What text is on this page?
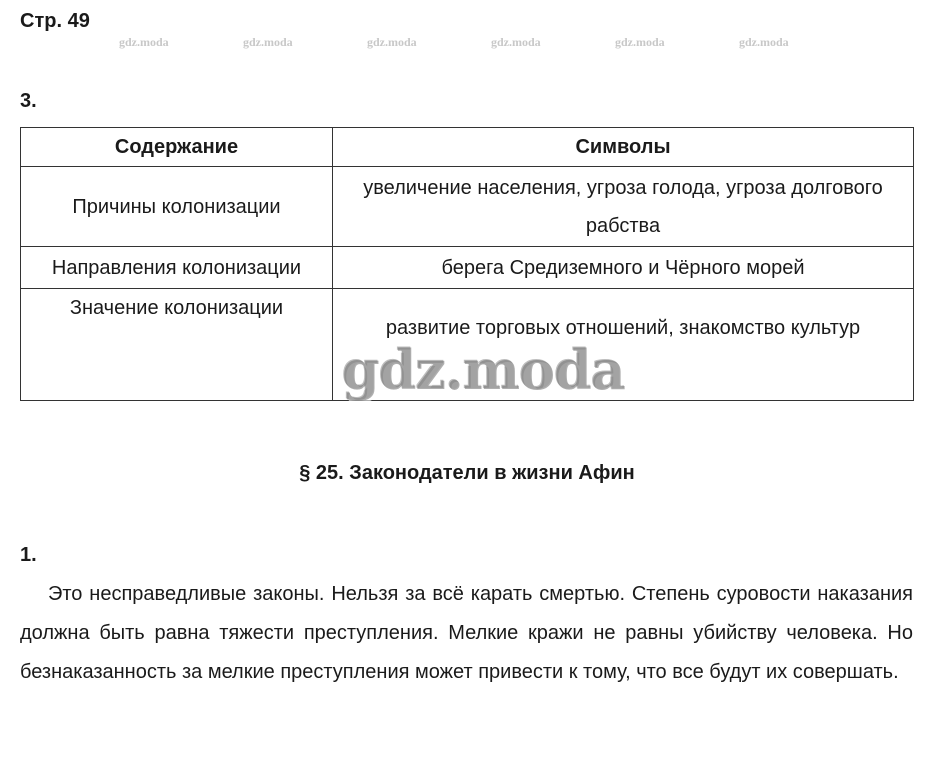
Стр. 49
gdz.moda	gdz.moda	gdz.moda	gdz.moda	gdz.moda	gdz.moda
3.
Содержание	Символы
Причины колонизации	увеличение населения, угроза голода, угроза долгового рабства
Направления колонизации	берега Средиземного и Чёрного морей
Значение колонизации	развитие торговых отношений, знакомство культур
gdz.moda
§ 25. Законодатели в жизни Афин
1.

Это несправедливые законы. Нельзя за всё карать смертью. Степень суровости наказания должна быть равна тяжести преступления. Мелкие кражи не равны убийству человека. Но безнаказанность за мелкие преступления может привести к тому, что все будут их совершать.
